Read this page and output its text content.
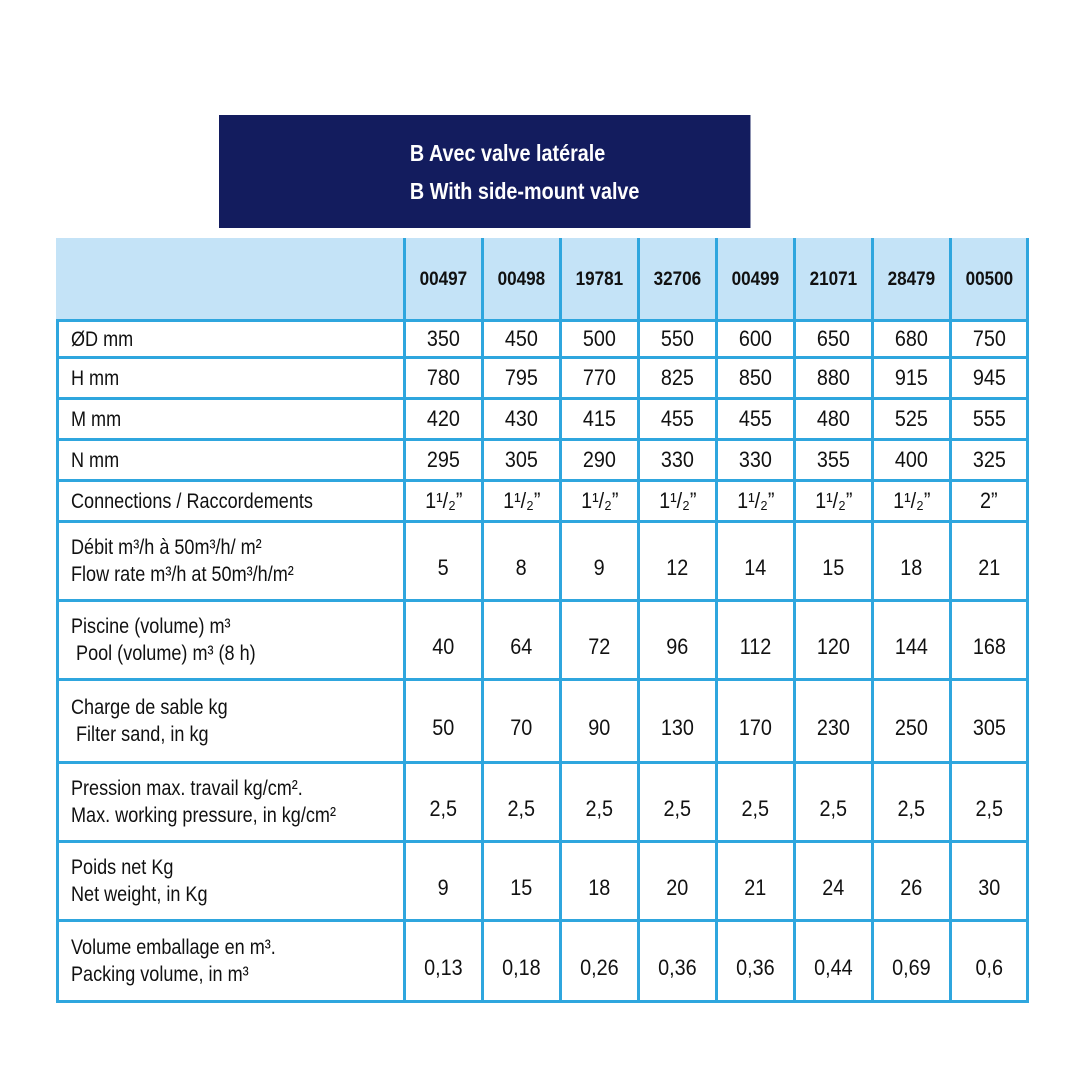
B Avec valve latérale
B With side-mount valve
	00497	00498	19781	32706	00499	21071	28479	00500

ØD mm	350	450	500	550	600	650	680	750

H mm	780	795	770	825	850	880	915	945

M mm	420	430	415	455	455	480	525	555

N mm	295	305	290	330	330	355	400	325

Connections / Raccordements	1¹/₂”	1¹/₂”	1¹/₂”	1¹/₂”	1¹/₂”	1¹/₂”	1¹/₂”	2”

Débit m³/h à 50m³/h/ m²
Flow rate m³/h at 50m³/h/m²	5	8	9	12	14	15	18	21

Piscine (volume) m³
Pool (volume) m³ (8 h)	40	64	72	96	112	120	144	168

Charge de sable kg
Filter sand, in kg	50	70	90	130	170	230	250	305

Pression max. travail kg/cm².
Max. working pressure, in kg/cm²	2,5	2,5	2,5	2,5	2,5	2,5	2,5	2,5

Poids net Kg
Net weight, in Kg	9	15	18	20	21	24	26	30

Volume emballage en m³.
Packing volume, in m³	0,13	0,18	0,26	0,36	0,36	0,44	0,69	0,6
